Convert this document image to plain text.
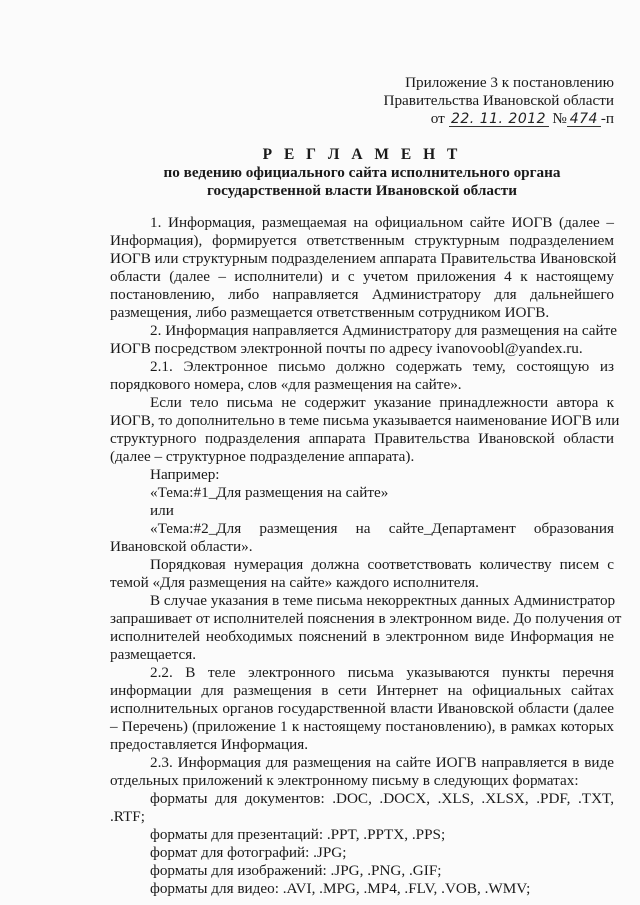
Приложение 3 к постановлению
Правительства Ивановской области
от 22. 11. 2012 № 474 -п
Р Е Г Л А М Е Н Т
по ведению официального сайта исполнительного органа
государственной власти Ивановской области
1. Информация, размещаемая на официальном сайте ИОГВ (далее –
Информация), формируется ответственным структурным подразделением
ИОГВ или структурным подразделением аппарата Правительства Ивановской
области (далее – исполнители) и с учетом приложения 4 к настоящему
постановлению, либо направляется Администратору для дальнейшего
размещения, либо размещается ответственным сотрудником ИОГВ.
2. Информация направляется Администратору для размещения на сайте
ИОГВ посредством электронной почты по адресу ivanovoobl@yandex.ru.
2.1. Электронное письмо должно содержать тему, состоящую из
порядкового номера, слов «для размещения на сайте».
Если тело письма не содержит указание принадлежности автора к
ИОГВ, то дополнительно в теме письма указывается наименование ИОГВ или
структурного подразделения аппарата Правительства Ивановской области
(далее – структурное подразделение аппарата).
Например:
«Тема:#1_Для размещения на сайте»
или
«Тема:#2_Для размещения на сайте_Департамент образования
Ивановской области».
Порядковая нумерация должна соответствовать количеству писем с
темой «Для размещения на сайте» каждого исполнителя.
В случае указания в теме письма некорректных данных Администратор
запрашивает от исполнителей пояснения в электронном виде. До получения от
исполнителей необходимых пояснений в электронном виде Информация не
размещается.
2.2. В теле электронного письма указываются пункты перечня
информации для размещения в сети Интернет на официальных сайтах
исполнительных органов государственной власти Ивановской области (далее
– Перечень) (приложение 1 к настоящему постановлению), в рамках которых
предоставляется Информация.
2.3. Информация для размещения на сайте ИОГВ направляется в виде
отдельных приложений к электронному письму в следующих форматах:
форматы для документов: .DOC, .DOCX, .XLS, .XLSX, .PDF, .TXT,
.RTF;
форматы для презентаций: .PPT, .PPTX, .PPS;
формат для фотографий: .JPG;
форматы для изображений: .JPG, .PNG, .GIF;
форматы для видео: .AVI, .MPG, .MP4, .FLV, .VOB, .WMV;
